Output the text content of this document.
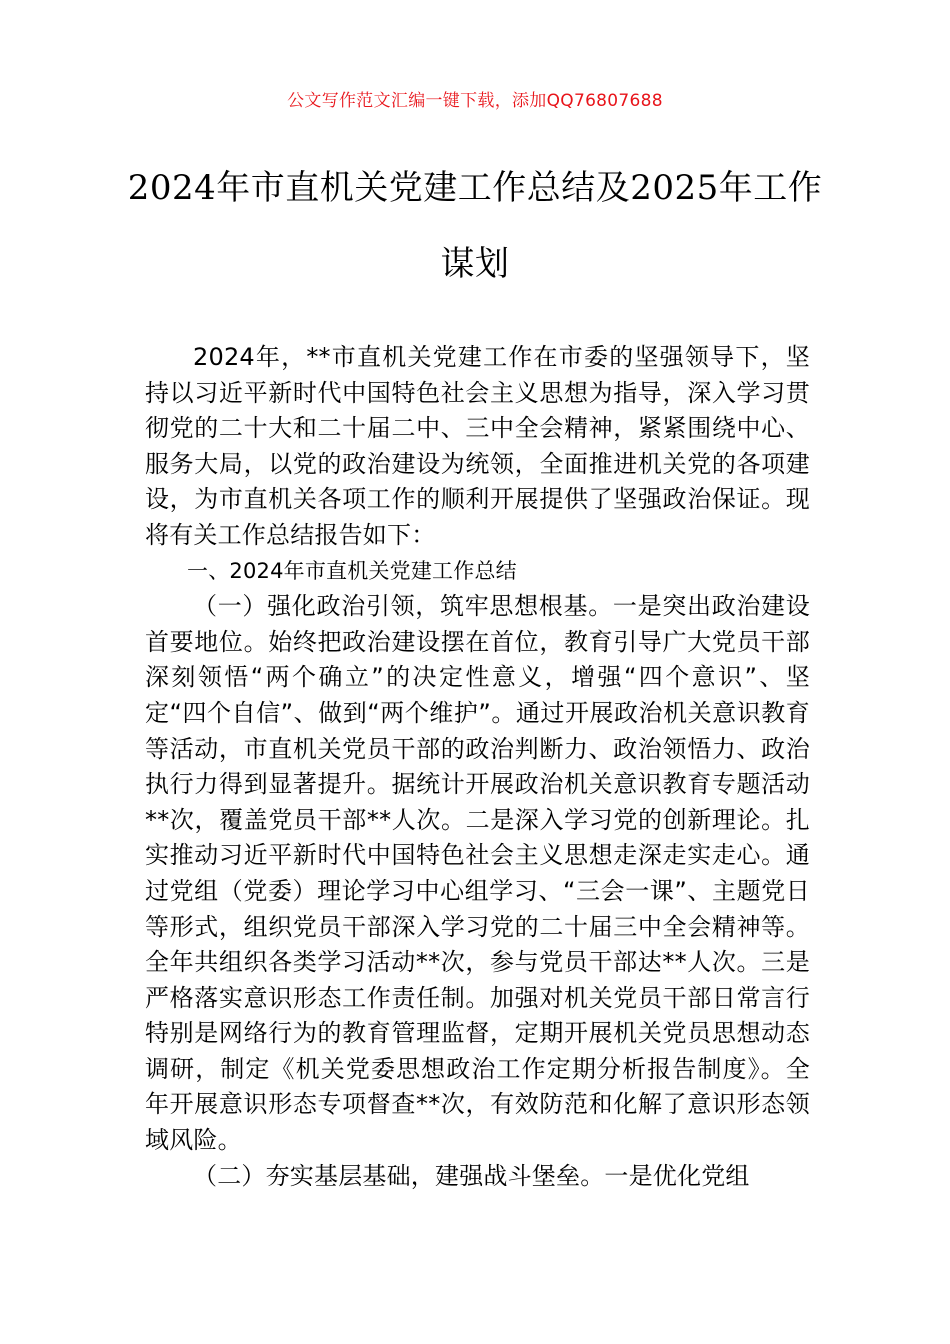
公文写作范文汇编一键下载，添加QQ76807688
2024年市直机关党建工作总结及2025年工作谋划

2024年，**市直机关党建工作在市委的坚强领导下，坚持以习近平新时代中国特色社会主义思想为指导，深入学习贯彻党的二十大和二十届二中、三中全会精神，紧紧围绕中心、服务大局，以党的政治建设为统领，全面推进机关党的各项建设，为市直机关各项工作的顺利开展提供了坚强政治保证。现将有关工作总结报告如下：

一、2024年市直机关党建工作总结

（一）强化政治引领，筑牢思想根基。一是突出政治建设首要地位。始终把政治建设摆在首位，教育引导广大党员干部深刻领悟“两个确立”的决定性意义，增强“四个意识”、坚定“四个自信”、做到“两个维护”。通过开展政治机关意识教育等活动，市直机关党员干部的政治判断力、政治领悟力、政治执行力得到显著提升。据统计开展政治机关意识教育专题活动**次，覆盖党员干部**人次。二是深入学习党的创新理论。扎实推动习近平新时代中国特色社会主义思想走深走实走心。通过党组（党委）理论学习中心组学习、“三会一课”、主题党日等形式，组织党员干部深入学习党的二十届三中全会精神等。全年共组织各类学习活动**次，参与党员干部达**人次。三是严格落实意识形态工作责任制。加强对机关党员干部日常言行特别是网络行为的教育管理监督，定期开展机关党员思想动态调研，制定《机关党委思想政治工作定期分析报告制度》。全年开展意识形态专项督查**次，有效防范和化解了意识形态领域风险。

（二）夯实基层基础，建强战斗堡垒。一是优化党组
